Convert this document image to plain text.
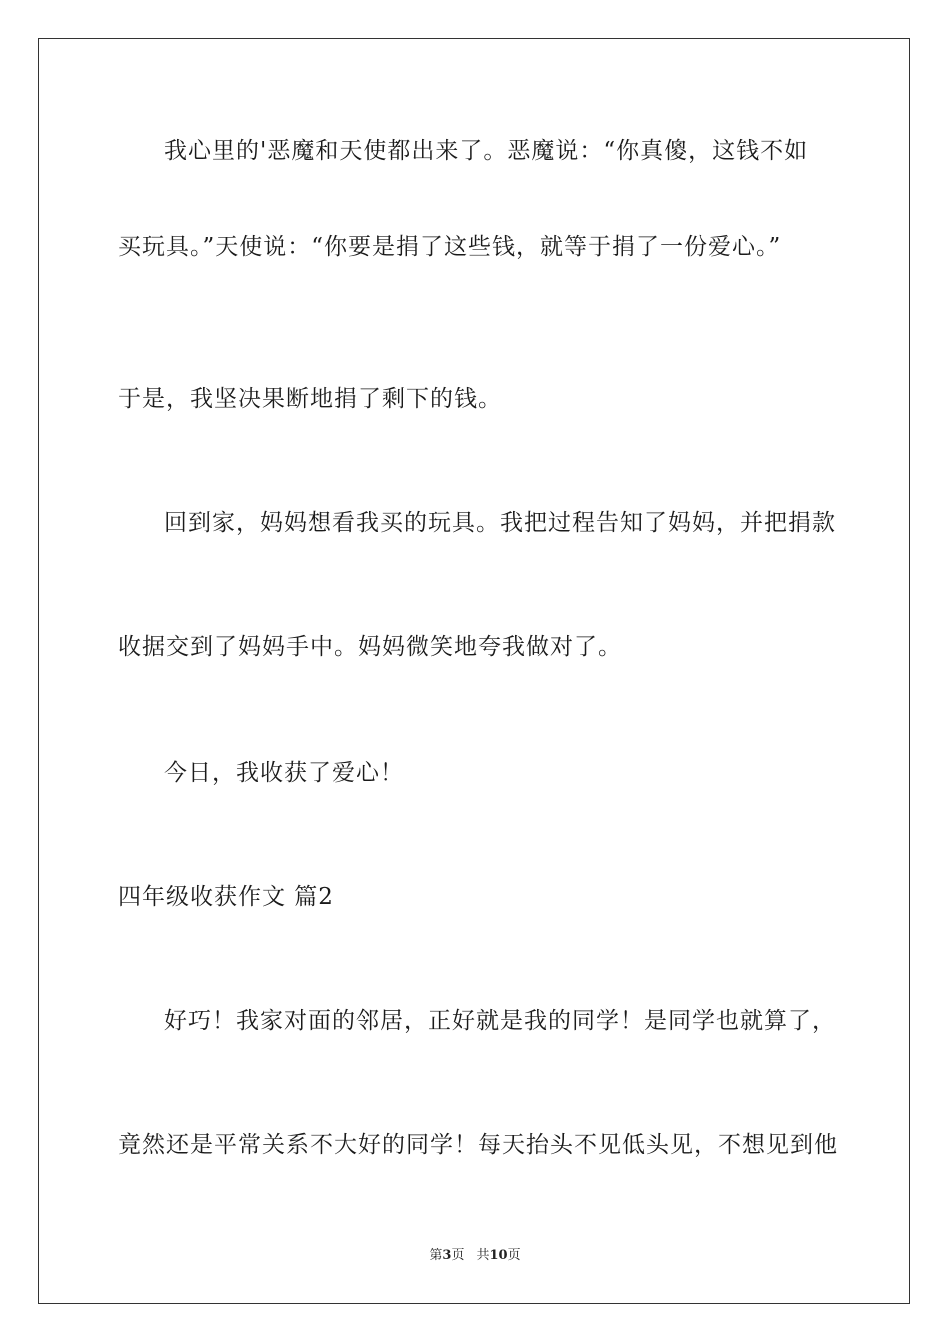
我心里的'恶魔和天使都出来了。恶魔说：“你真傻，这钱不如
买玩具。”天使说：“你要是捐了这些钱，就等于捐了一份爱心。”
于是，我坚决果断地捐了剩下的钱。
回到家，妈妈想看我买的玩具。我把过程告知了妈妈，并把捐款
收据交到了妈妈手中。妈妈微笑地夸我做对了。
今日，我收获了爱心！
四年级收获作文 篇2
好巧！我家对面的邻居，正好就是我的同学！是同学也就算了，
竟然还是平常关系不大好的同学！每天抬头不见低头见，不想见到他
第3页 共10页
